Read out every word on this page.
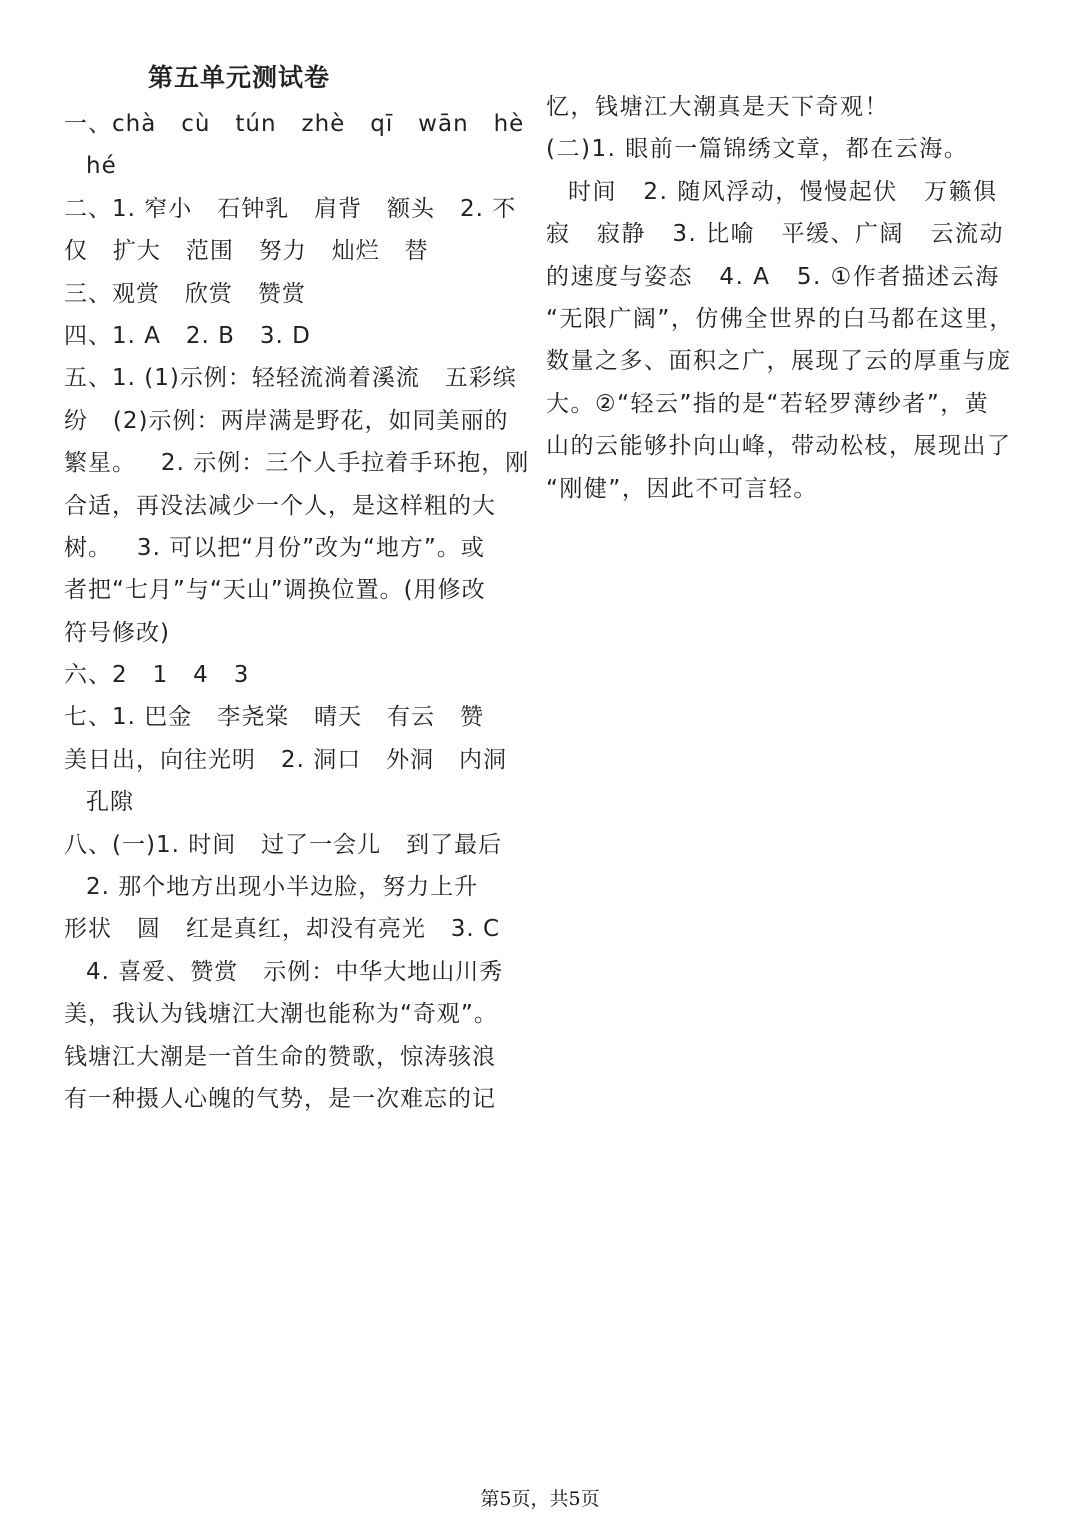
第五单元测试卷
一、chà   cù   tún   zhè   qī   wān   hè
hé
二、1. 窄小   石钟乳   肩背   额头   2. 不
仅   扩大   范围   努力   灿烂   替
三、观赏   欣赏   赞赏
四、1. A   2. B   3. D
五、1. (1)示例：轻轻流淌着溪流   五彩缤
纷   (2)示例：两岸满是野花，如同美丽的
繁星。   2. 示例：三个人手拉着手环抱，刚
合适，再没法减少一个人，是这样粗的大
树。   3. 可以把“月份”改为“地方”。或
者把“七月”与“天山”调换位置。(用修改
符号修改)
六、2   1   4   3
七、1. 巴金   李尧棠   晴天   有云   赞
美日出，向往光明   2. 洞口   外洞   内洞
孔隙
八、(一)1. 时间   过了一会儿   到了最后
2. 那个地方出现小半边脸，努力上升
形状   圆   红是真红，却没有亮光   3. C
4. 喜爱、赞赏   示例：中华大地山川秀
美，我认为钱塘江大潮也能称为“奇观”。
钱塘江大潮是一首生命的赞歌，惊涛骇浪
有一种摄人心魄的气势，是一次难忘的记
忆，钱塘江大潮真是天下奇观！
(二)1. 眼前一篇锦绣文章，都在云海。
时间   2. 随风浮动，慢慢起伏   万籁俱
寂   寂静   3. 比喻   平缓、广阔   云流动
的速度与姿态   4. A   5. ①作者描述云海
“无限广阔”，仿佛全世界的白马都在这里，
数量之多、面积之广，展现了云的厚重与庞
大。②“轻云”指的是“若轻罗薄纱者”，黄
山的云能够扑向山峰，带动松枝，展现出了
“刚健”，因此不可言轻。
第5页，共5页
